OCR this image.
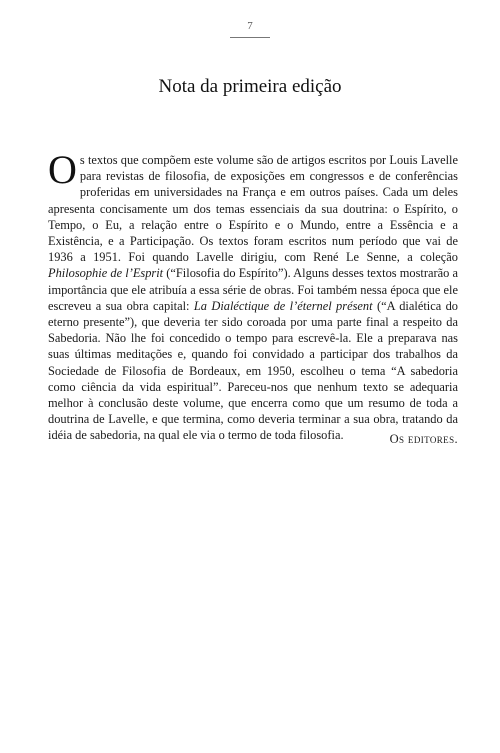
7
Nota da primeira edição
O s textos que compõem este volume são de artigos escritos por Louis Lavelle para revistas de filosofia, de exposições em congressos e de conferências proferidas em universidades na França e em outros países. Cada um deles apresenta concisamente um dos temas essenciais da sua doutrina: o Espírito, o Tempo, o Eu, a relação entre o Espírito e o Mundo, entre a Essência e a Existência, e a Participação. Os textos foram escritos num período que vai de 1936 a 1951. Foi quando Lavelle dirigiu, com René Le Senne, a coleção Philosophie de l’Esprit (“Filosofia do Espírito”). Alguns desses textos mostrarão a importância que ele atribuía a essa série de obras. Foi também nessa época que ele escreveu a sua obra capital: La Dialéctique de l’éternel présent (“A dialética do eterno presente”), que deveria ter sido coroada por uma parte final a respeito da Sabedoria. Não lhe foi concedido o tempo para escrevê-la. Ele a preparava nas suas últimas meditações e, quando foi convidado a participar dos trabalhos da Sociedade de Filosofia de Bordeaux, em 1950, escolheu o tema “A sabedoria como ciência da vida espiritual”. Pareceu-nos que nenhum texto se adequaria melhor à conclusão deste volume, que encerra como que um resumo de toda a doutrina de Lavelle, e que termina, como deveria terminar a sua obra, tratando da idéia de sabedoria, na qual ele via o termo de toda filosofia.	Os editores.
